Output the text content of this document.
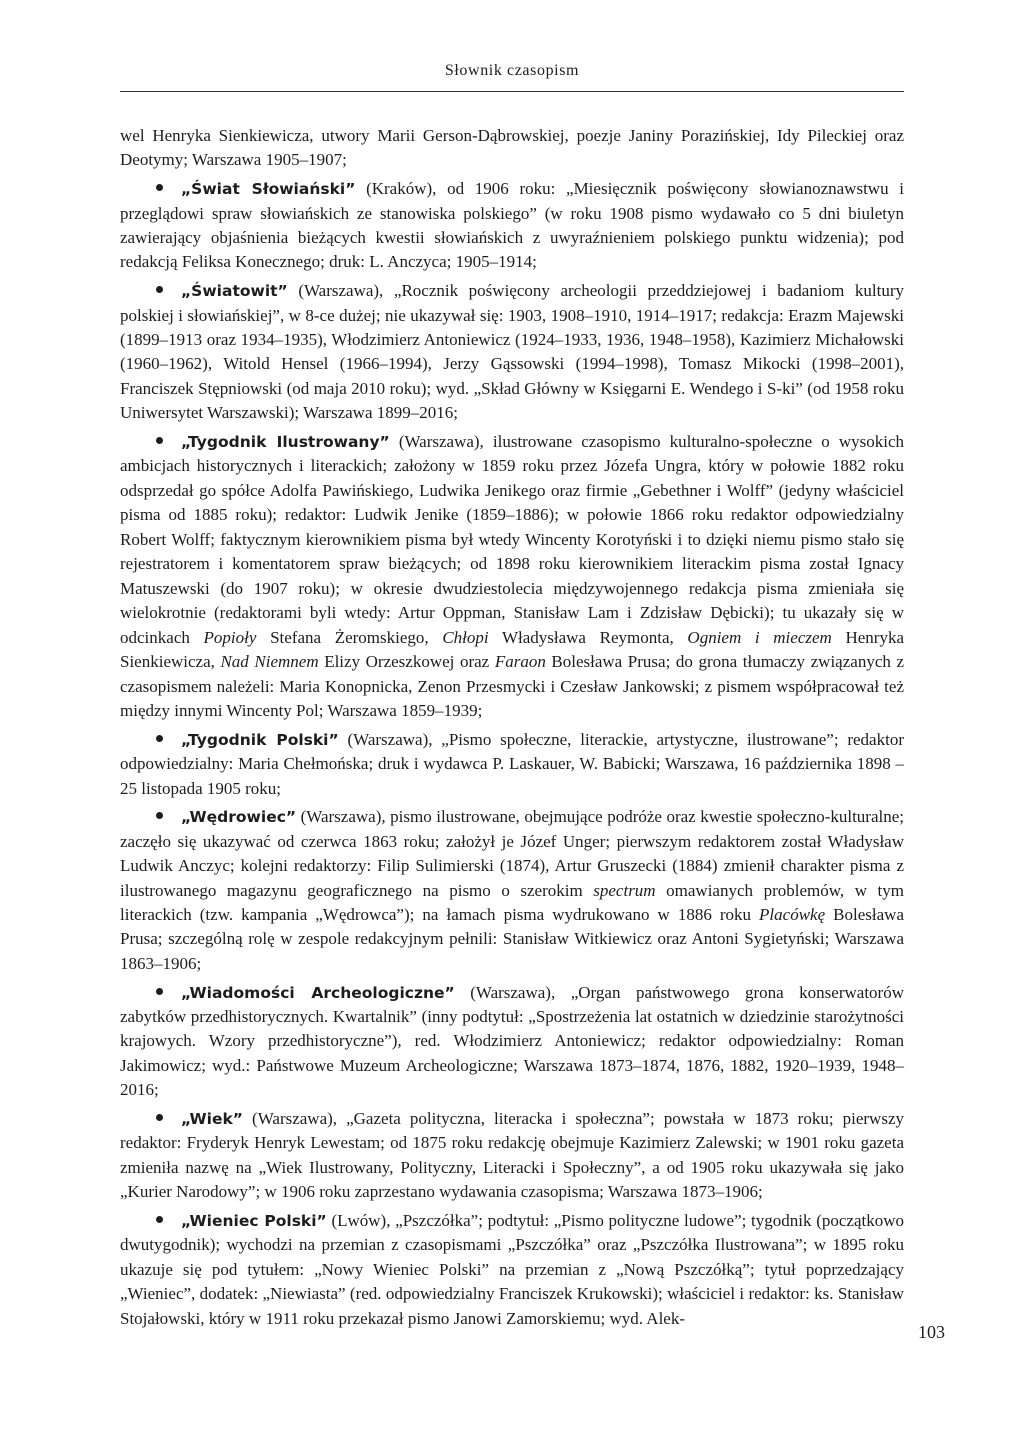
Słownik czasopism

wel Henryka Sienkiewicza, utwory Marii Gerson-Dąbrowskiej, poezje Janiny Porazińskiej, Idy Pileckiej oraz Deotymy; Warszawa 1905–1907;

„Świat Słowiański” (Kraków), od 1906 roku: „Miesięcznik poświęcony słowianoznawstwu i przeglądowi spraw słowiańskich ze stanowiska polskiego” (w roku 1908 pismo wydawało co 5 dni biuletyn zawierający objaśnienia bieżących kwestii słowiańskich z uwyraźnieniem polskiego punktu widzenia); pod redakcją Feliksa Konecznego; druk: L. Anczyca; 1905–1914;

„Światowit” (Warszawa), „Rocznik poświęcony archeologii przeddziejowej i badaniom kultury polskiej i słowiańskiej”, w 8-ce dużej; nie ukazywał się: 1903, 1908–1910, 1914–1917; redakcja: Erazm Majewski (1899–1913 oraz 1934–1935), Włodzimierz Antoniewicz (1924–1933, 1936, 1948–1958), Kazimierz Michałowski (1960–1962), Witold Hensel (1966–1994), Jerzy Gąssowski (1994–1998), Tomasz Mikocki (1998–2001), Franciszek Stępniowski (od maja 2010 roku); wyd. „Skład Główny w Księgarni E. Wendego i S-ki” (od 1958 roku Uniwersytet Warszawski); Warszawa 1899–2016;

„Tygodnik Ilustrowany” (Warszawa), ilustrowane czasopismo kulturalno-społeczne o wysokich ambicjach historycznych i literackich; założony w 1859 roku przez Józefa Ungra, który w połowie 1882 roku odsprzedał go spółce Adolfa Pawińskiego, Ludwika Jenikego oraz firmie „Gebethner i Wolff” (jedyny właściciel pisma od 1885 roku); redaktor: Ludwik Jenike (1859–1886); w połowie 1866 roku redaktor odpowiedzialny Robert Wolff; faktycznym kierownikiem pisma był wtedy Wincenty Korotyński i to dzięki niemu pismo stało się rejestratorem i komentatorem spraw bieżących; od 1898 roku kierownikiem literackim pisma został Ignacy Matuszewski (do 1907 roku); w okresie dwudziestolecia międzywojennego redakcja pisma zmieniała się wielokrotnie (redaktorami byli wtedy: Artur Oppman, Stanisław Lam i Zdzisław Dębicki); tu ukazały się w odcinkach Popioły Stefana Żeromskiego, Chłopi Władysława Reymonta, Ogniem i mieczem Henryka Sienkiewicza, Nad Niemnem Elizy Orzeszkowej oraz Faraon Bolesława Prusa; do grona tłumaczy związanych z czasopismem należeli: Maria Konopnicka, Zenon Przesmycki i Czesław Jankowski; z pismem współpracował też między innymi Wincenty Pol; Warszawa 1859–1939;

„Tygodnik Polski” (Warszawa), „Pismo społeczne, literackie, artystyczne, ilustrowane”; redaktor odpowiedzialny: Maria Chełmońska; druk i wydawca P. Laskauer, W. Babicki; Warszawa, 16 października 1898 – 25 listopada 1905 roku;

„Wędrowiec” (Warszawa), pismo ilustrowane, obejmujące podróże oraz kwestie społeczno-kulturalne; zaczęło się ukazywać od czerwca 1863 roku; założył je Józef Unger; pierwszym redaktorem został Władysław Ludwik Anczyc; kolejni redaktorzy: Filip Sulimierski (1874), Artur Gruszecki (1884) zmienił charakter pisma z ilustrowanego magazynu geograficznego na pismo o szerokim spectrum omawianych problemów, w tym literackich (tzw. kampania „Wędrowca”); na łamach pisma wydrukowano w 1886 roku Placówkę Bolesława Prusa; szczególną rolę w zespole redakcyjnym pełnili: Stanisław Witkiewicz oraz Antoni Sygietyński; Warszawa 1863–1906;

„Wiadomości Archeologiczne” (Warszawa), „Organ państwowego grona konserwatorów zabytków przedhistorycznych. Kwartalnik” (inny podtytuł: „Spostrzeżenia lat ostatnich w dziedzinie starożytności krajowych. Wzory przedhistoryczne”), red. Włodzimierz Antoniewicz; redaktor odpowiedzialny: Roman Jakimowicz; wyd.: Państwowe Muzeum Archeologiczne; Warszawa 1873–1874, 1876, 1882, 1920–1939, 1948–2016;

„Wiek” (Warszawa), „Gazeta polityczna, literacka i społeczna”; powstała w 1873 roku; pierwszy redaktor: Fryderyk Henryk Lewestam; od 1875 roku redakcję obejmuje Kazimierz Zalewski; w 1901 roku gazeta zmieniła nazwę na „Wiek Ilustrowany, Polityczny, Literacki i Społeczny”, a od 1905 roku ukazywała się jako „Kurier Narodowy”; w 1906 roku zaprzestano wydawania czasopisma; Warszawa 1873–1906;

„Wieniec Polski” (Lwów), „Pszczółka”; podtytuł: „Pismo polityczne ludowe”; tygodnik (początkowo dwutygodnik); wychodzi na przemian z czasopismami „Pszczółka” oraz „Pszczółka Ilustrowana”; w 1895 roku ukazuje się pod tytułem: „Nowy Wieniec Polski” na przemian z „Nową Pszczółką”; tytuł poprzedzający „Wieniec”, dodatek: „Niewiasta” (red. odpowiedzialny Franciszek Krukowski); właściciel i redaktor: ks. Stanisław Stojałowski, który w 1911 roku przekazał pismo Janowi Zamorskiemu; wyd. Alek-

103
